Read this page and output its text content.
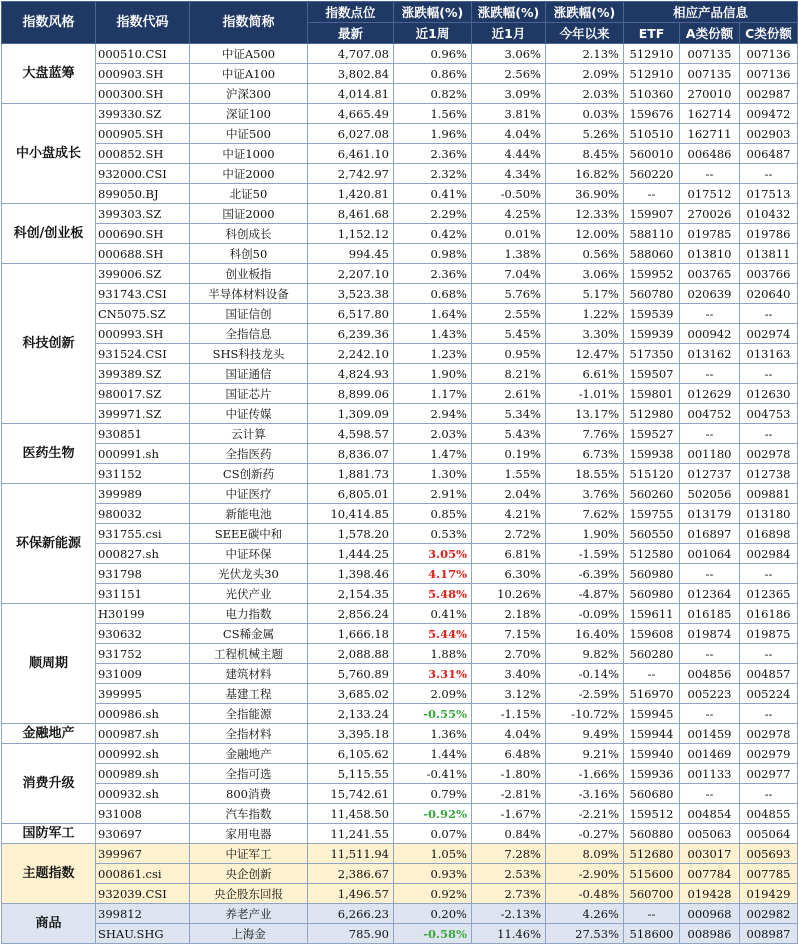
指数风格	指数代码	指数简称	指数点位	涨跌幅(%)	涨跌幅(%)	涨跌幅(%)	相应产品信息		
			最新	近1周	近1月	今年以来	ETF	A类份额	C类份额
大盘蓝筹	000510.CSI	中证A500	4,707.08	0.96%	3.06%	2.13%	512910	007135	007136
	000903.SH	中证A100	3,802.84	0.86%	2.56%	2.09%	512910	007135	007136
	000300.SH	沪深300	4,014.81	0.82%	3.09%	2.03%	510360	270010	002987
中小盘成长	399330.SZ	深证100	4,665.49	1.56%	3.81%	0.03%	159676	162714	009472
	000905.SH	中证500	6,027.08	1.96%	4.04%	5.26%	510510	162711	002903
	000852.SH	中证1000	6,461.10	2.36%	4.44%	8.45%	560010	006486	006487
	932000.CSI	中证2000	2,742.97	2.32%	4.34%	16.82%	560220	--	--
	899050.BJ	北证50	1,420.81	0.41%	-0.50%	36.90%	--	017512	017513
科创/创业板	399303.SZ	国证2000	8,461.68	2.29%	4.25%	12.33%	159907	270026	010432
	000690.SH	科创成长	1,152.12	0.42%	0.01%	12.00%	588110	019785	019786
	000688.SH	科创50	994.45	0.98%	1.38%	0.56%	588060	013810	013811
科技创新	399006.SZ	创业板指	2,207.10	2.36%	7.04%	3.06%	159952	003765	003766
	931743.CSI	半导体材料设备	3,523.38	0.68%	5.76%	5.17%	560780	020639	020640
	CN5075.SZ	国证信创	6,517.80	1.64%	2.55%	1.22%	159539	--	--
	000993.SH	全指信息	6,239.36	1.43%	5.45%	3.30%	159939	000942	002974
	931524.CSI	SHS科技龙头	2,242.10	1.23%	0.95%	12.47%	517350	013162	013163
	399389.SZ	国证通信	4,824.93	1.90%	8.21%	6.61%	159507	--	--
	980017.SZ	国证芯片	8,899.06	1.17%	2.61%	-1.01%	159801	012629	012630
	399971.SZ	中证传媒	1,309.09	2.94%	5.34%	13.17%	512980	004752	004753
医药生物	930851	云计算	4,598.57	2.03%	5.43%	7.76%	159527	--	--
	000991.sh	全指医药	8,836.07	1.47%	0.19%	6.73%	159938	001180	002978
	931152	CS创新药	1,881.73	1.30%	1.55%	18.55%	515120	012737	012738
环保新能源	399989	中证医疗	6,805.01	2.91%	2.04%	3.76%	560260	502056	009881
	980032	新能电池	10,414.85	0.85%	4.21%	7.62%	159755	013179	013180
	931755.csi	SEEE碳中和	1,578.20	0.53%	2.72%	1.90%	560550	016897	016898
	000827.sh	中证环保	1,444.25	3.05%	6.81%	-1.59%	512580	001064	002984
	931798	光伏龙头30	1,398.46	4.17%	6.30%	-6.39%	560980	--	--
	931151	光伏产业	2,154.35	5.48%	10.26%	-4.87%	560980	012364	012365
顺周期	H30199	电力指数	2,856.24	0.41%	2.18%	-0.09%	159611	016185	016186
	930632	CS稀金属	1,666.18	5.44%	7.15%	16.40%	159608	019874	019875
	931752	工程机械主题	2,088.88	1.88%	2.70%	9.82%	560280	--	--
	931009	建筑材料	5,760.89	3.31%	3.40%	-0.14%	--	004856	004857
	399995	基建工程	3,685.02	2.09%	3.12%	-2.59%	516970	005223	005224
	000986.sh	全指能源	2,133.24	-0.55%	-1.15%	-10.72%	159945	--	--
金融地产	000987.sh	全指材料	3,395.18	1.36%	4.04%	9.49%	159944	001459	002978
消费升级	000992.sh	金融地产	6,105.62	1.44%	6.48%	9.21%	159940	001469	002979
	000989.sh	全指可选	5,115.55	-0.41%	-1.80%	-1.66%	159936	001133	002977
	000932.sh	800消费	15,742.61	0.79%	-2.81%	-3.16%	560680	--	--
	931008	汽车指数	11,458.50	-0.92%	-1.67%	-2.21%	159512	004854	004855
国防军工	930697	家用电器	11,241.55	0.07%	0.84%	-0.27%	560880	005063	005064
主题指数	399967	中证军工	11,511.94	1.05%	7.28%	8.09%	512680	003017	005693
	000861.csi	央企创新	2,386.67	0.93%	2.53%	-2.90%	515600	007784	007785
	932039.CSI	央企股东回报	1,496.57	0.92%	2.73%	-0.48%	560700	019428	019429
商品	399812	养老产业	6,266.23	0.20%	-2.13%	4.26%	--	000968	002982
	SHAU.SHG	上海金	785.90	-0.58%	11.46%	27.53%	518600	008986	008987
